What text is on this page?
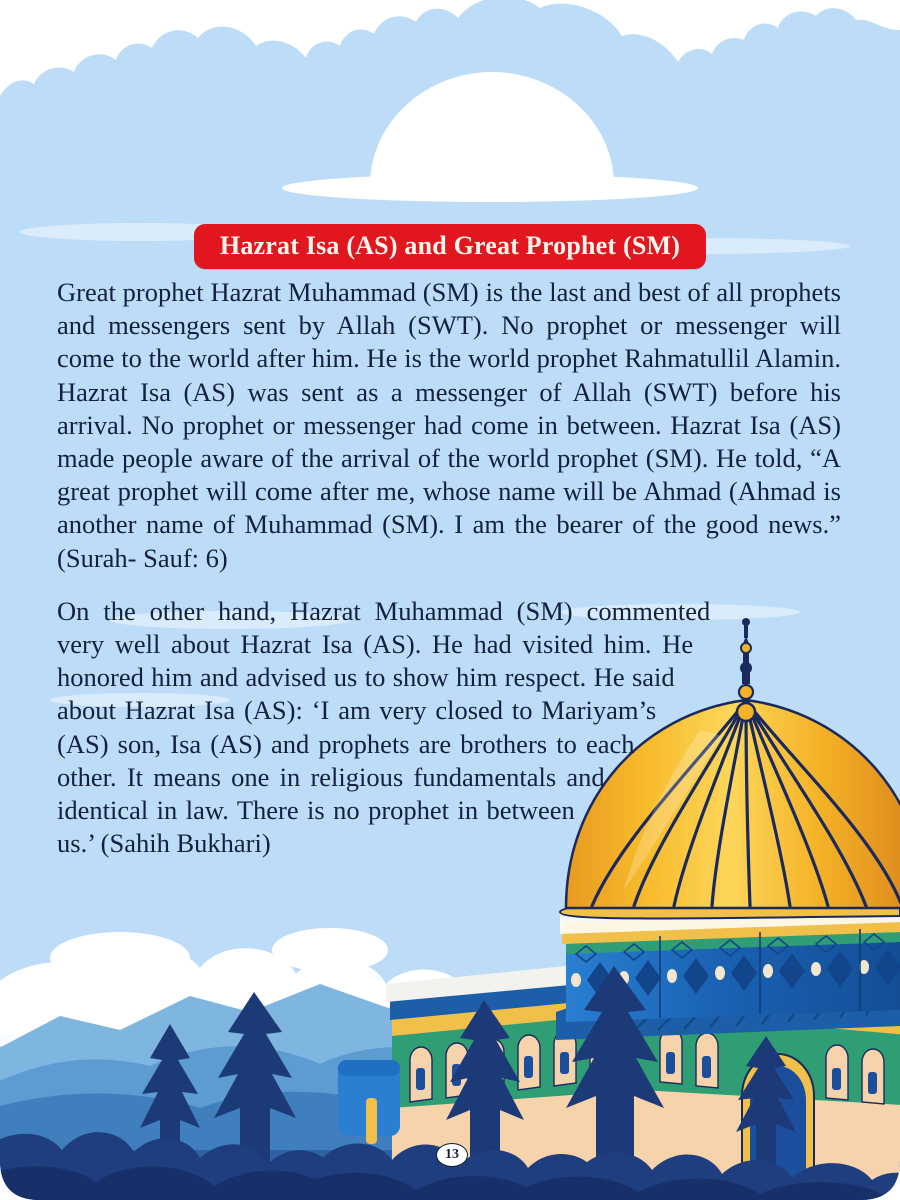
Hazrat Isa (AS) and Great Prophet (SM)

Great prophet Hazrat Muhammad (SM) is the last and best of all prophets and messengers sent by Allah (SWT). No prophet or messenger will come to the world after him. He is the world prophet Rahmatullil Alamin. Hazrat Isa (AS) was sent as a messenger of Allah (SWT) before his arrival. No prophet or messenger had come in between. Hazrat Isa (AS) made people aware of the arrival of the world prophet (SM). He told, “A great prophet will come after me, whose name will be Ahmad (Ahmad is another name of Muhammad (SM). I am the bearer of the good news.” (Surah- Sauf: 6)

On the other hand, Hazrat Muhammad (SM) commented very well about Hazrat Isa (AS). He had visited him. He honored him and advised us to show him respect. He said about Hazrat Isa (AS): ‘I am very closed to Mariyam’s (AS) son, Isa (AS) and prophets are brothers to each other. It means one in religious fundamentals and identical in law. There is no prophet in between us.’ (Sahih Bukhari)

13
